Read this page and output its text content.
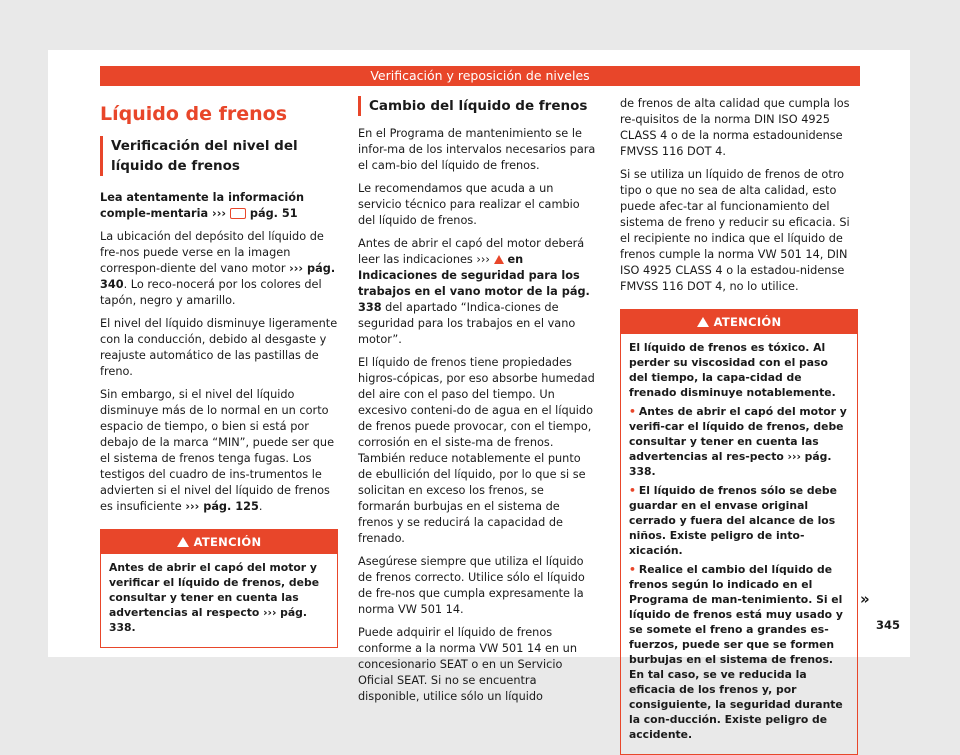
Verificación y reposición de niveles
Líquido de frenos
Verificación del nivel del líquido de frenos

Lea atentamente la información comple-mentaria ›››  pág. 51

La ubicación del depósito del líquido de fre-nos puede verse en la imagen correspon-diente del vano motor ››› pág. 340. Lo reco-nocerá por los colores del tapón, negro y amarillo.

El nivel del líquido disminuye ligeramente con la conducción, debido al desgaste y reajuste automático de las pastillas de freno.

Sin embargo, si el nivel del líquido disminuye más de lo normal en un corto espacio de tiempo, o bien si está por debajo de la marca “MIN”, puede ser que el sistema de frenos tenga fugas. Los testigos del cuadro de ins-trumentos le advierten si el nivel del líquido de frenos es insuficiente ››› pág. 125.

ATENCIÓN

Antes de abrir el capó del motor y verificar el líquido de frenos, debe consultar y tener en cuenta las advertencias al respecto ››› pág. 338.

Cambio del líquido de frenos

En el Programa de mantenimiento se le infor-ma de los intervalos necesarios para el cam-bio del líquido de frenos.

Le recomendamos que acuda a un servicio técnico para realizar el cambio del líquido de frenos.

Antes de abrir el capó del motor deberá leer las indicaciones ›››  en Indicaciones de seguridad para los trabajos en el vano motor de la pág. 338 del apartado “Indica-ciones de seguridad para los trabajos en el vano motor”.

El líquido de frenos tiene propiedades higros-cópicas, por eso absorbe humedad del aire con el paso del tiempo. Un excesivo conteni-do de agua en el líquido de frenos puede provocar, con el tiempo, corrosión en el siste-ma de frenos. También reduce notablemente el punto de ebullición del líquido, por lo que si se solicitan en exceso los frenos, se formarán burbujas en el sistema de frenos y se reducirá la capacidad de frenado.

Asegúrese siempre que utiliza el líquido de frenos correcto. Utilice sólo el líquido de fre-nos que cumpla expresamente la norma VW 501 14.

Puede adquirir el líquido de frenos conforme a la norma VW 501 14 en un concesionario SEAT o en un Servicio Oficial SEAT. Si no se encuentra disponible, utilice sólo un líquido

de frenos de alta calidad que cumpla los re-quisitos de la norma DIN ISO 4925 CLASS 4 o de la norma estadounidense FMVSS 116 DOT 4.

Si se utiliza un líquido de frenos de otro tipo o que no sea de alta calidad, esto puede afec-tar al funcionamiento del sistema de freno y reducir su eficacia. Si el recipiente no indica que el líquido de frenos cumple la norma VW 501 14, DIN ISO 4925 CLASS 4 o la estadou-nidense FMVSS 116 DOT 4, no lo utilice.

ATENCIÓN

El líquido de frenos es tóxico. Al perder su viscosidad con el paso del tiempo, la capa-cidad de frenado disminuye notablemente.

• Antes de abrir el capó del motor y verifi-car el líquido de frenos, debe consultar y tener en cuenta las advertencias al res-pecto ››› pág. 338.

• El líquido de frenos sólo se debe guardar en el envase original cerrado y fuera del alcance de los niños. Existe peligro de into-xicación.

• Realice el cambio del líquido de frenos según lo indicado en el Programa de man-tenimiento. Si el líquido de frenos está muy usado y se somete el freno a grandes es-fuerzos, puede ser que se formen burbujas en el sistema de frenos. En tal caso, se ve reducida la eficacia de los frenos y, por consiguiente, la seguridad durante la con-ducción. Existe peligro de accidente.

»
345
